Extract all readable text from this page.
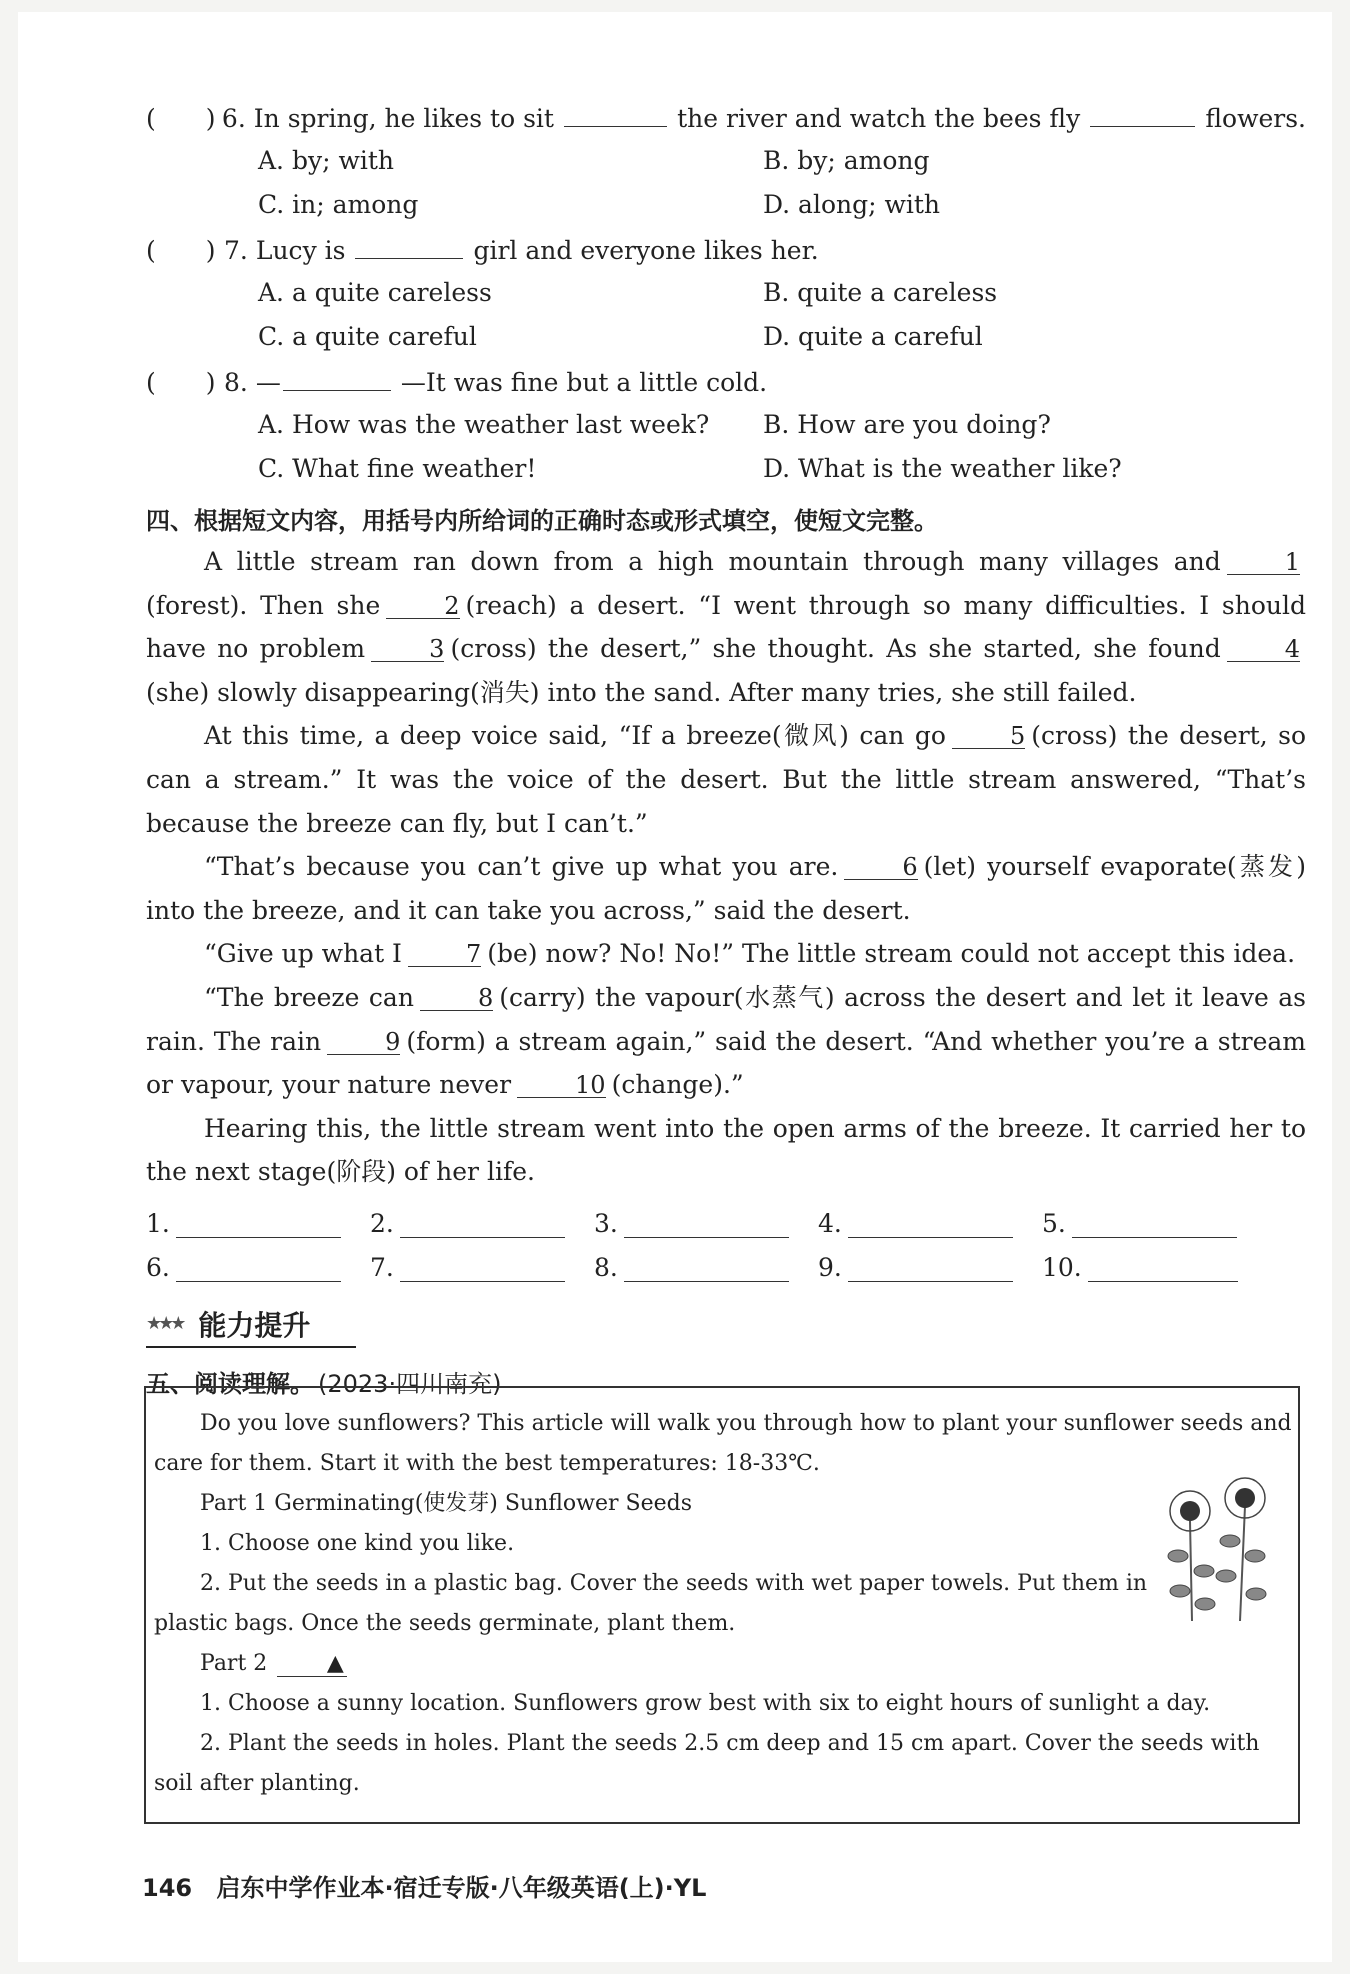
( ) 6. In spring, he likes to sit	the river and watch the bees fly	flowers.
A. by; with	B. by; among
C. in; among	D. along; with
( ) 7. Lucy is	girl and everyone likes her.
A. a quite careless	B. quite a careless
C. a quite careful	D. quite a careful
( ) 8. —	—It was fine but a little cold.
A. How was the weather last week?	B. How are you doing?
C. What fine weather!	D. What is the weather like?
四、根据短文内容，用括号内所给词的正确时态或形式填空，使短文完整。

A little stream ran down from a high mountain through many villages and	1(forest). Then she	2 (reach) a desert. “I went through so many difficulties. I should have no problem	3 (cross) the desert,” she thought. As she started, she found	4(she) slowly disappearing(消失) into the sand. After many tries, she still failed.

At this time, a deep voice said, “If a breeze(微风) can go	5 (cross) the desert, so can a stream.” It was the voice of the desert. But the little stream answered, “That’s because the breeze can fly, but I can’t.”

“That’s because you can’t give up what you are.	6 (let) yourself evaporate(蒸发) into the breeze, and it can take you across,” said the desert.

“Give up what I	7 (be) now? No! No!” The little stream could not accept this idea.

“The breeze can	8 (carry) the vapour(水蒸气) across the desert and let it leave as rain. The rain	9 (form) a stream again,” said the desert. “And whether you’re a stream or vapour, your nature never	10 (change).”

Hearing this, the little stream went into the open arms of the breeze. It carried her to the next stage(阶段) of her life.

1.	2.	3.	4.	5.
6.	7.	8.	9.	10.
★★★ 能力提升
五、阅读理解。 (2023·四川南充)

Do you love sunflowers? This article will walk you through how to plant your sunflower seeds and care for them. Start it with the best temperatures: 18-33℃.

Part 1 Germinating(使发芽) Sunflower Seeds

1. Choose one kind you like.

2. Put the seeds in a plastic bag. Cover the seeds with wet paper towels. Put them in plastic bags. Once the seeds germinate, plant them.

Part 2	▲

1. Choose a sunny location. Sunflowers grow best with six to eight hours of sunlight a day.

2. Plant the seeds in holes. Plant the seeds 2.5 cm deep and 15 cm apart. Cover the seeds with soil after planting.

146 启东中学作业本·宿迁专版·八年级英语(上)·YL
